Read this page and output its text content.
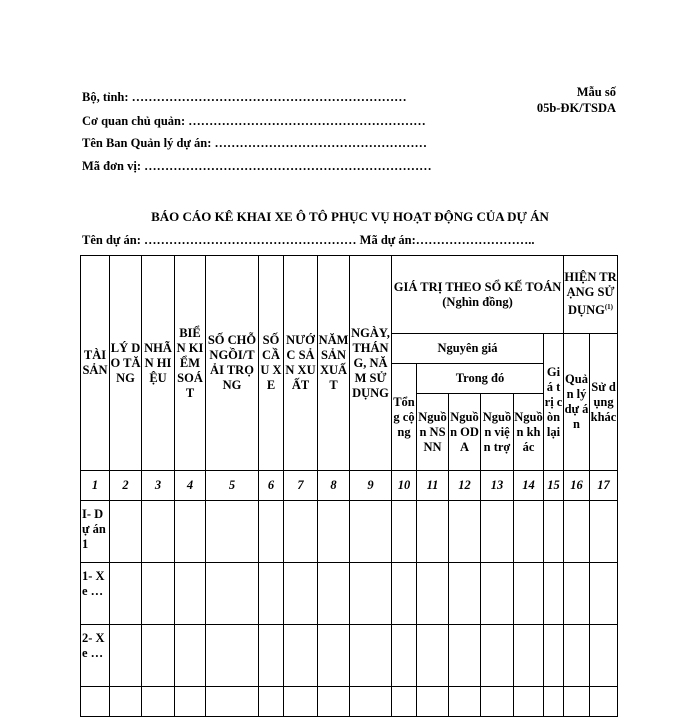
Mẫu số
05b-ĐK/TSDA
Bộ, tỉnh: …………………………………………………………
Cơ quan chủ quản: …………………………………………………
Tên Ban Quản lý dự án: ……………………………………………
Mã đơn vị: ……………………………………………………………
BÁO CÁO KÊ KHAI XE Ô TÔ PHỤC VỤ HOẠT ĐỘNG CỦA DỰ ÁN
Tên dự án: …………………………………………… Mã dự án:………………………..
TÀI SẢN	LÝ DO TĂNG	NHÃN HIỆU	BIỂN KIỂM SOÁT	SỐ CHỖ NGỒI/TẢI TRỌNG	SỐ CẦU XE	NƯỚC SẢN XUẤT	NĂM SẢN XUẤT	NGÀY, THÁNG, NĂM SỬ DỤNG	GIÁ TRỊ THEO SỔ KẾ TOÁN (Nghìn đồng)						HIỆN TRẠNG SỬ DỤNG$^{(1)}$
									Nguyên giá					Giá trị còn lại	Quản lý dự án	Sử dụng khác
									Tổng cộng	Trong đó						
										Nguồn NSNN	Nguồn ODA	Nguồn viện trợ	Nguồn khác			
1	2	3	4	5	6	7	8	9	10	11	12	13	14	15	16	17
I- Dự án 1																
1- Xe …																
2- Xe …																
